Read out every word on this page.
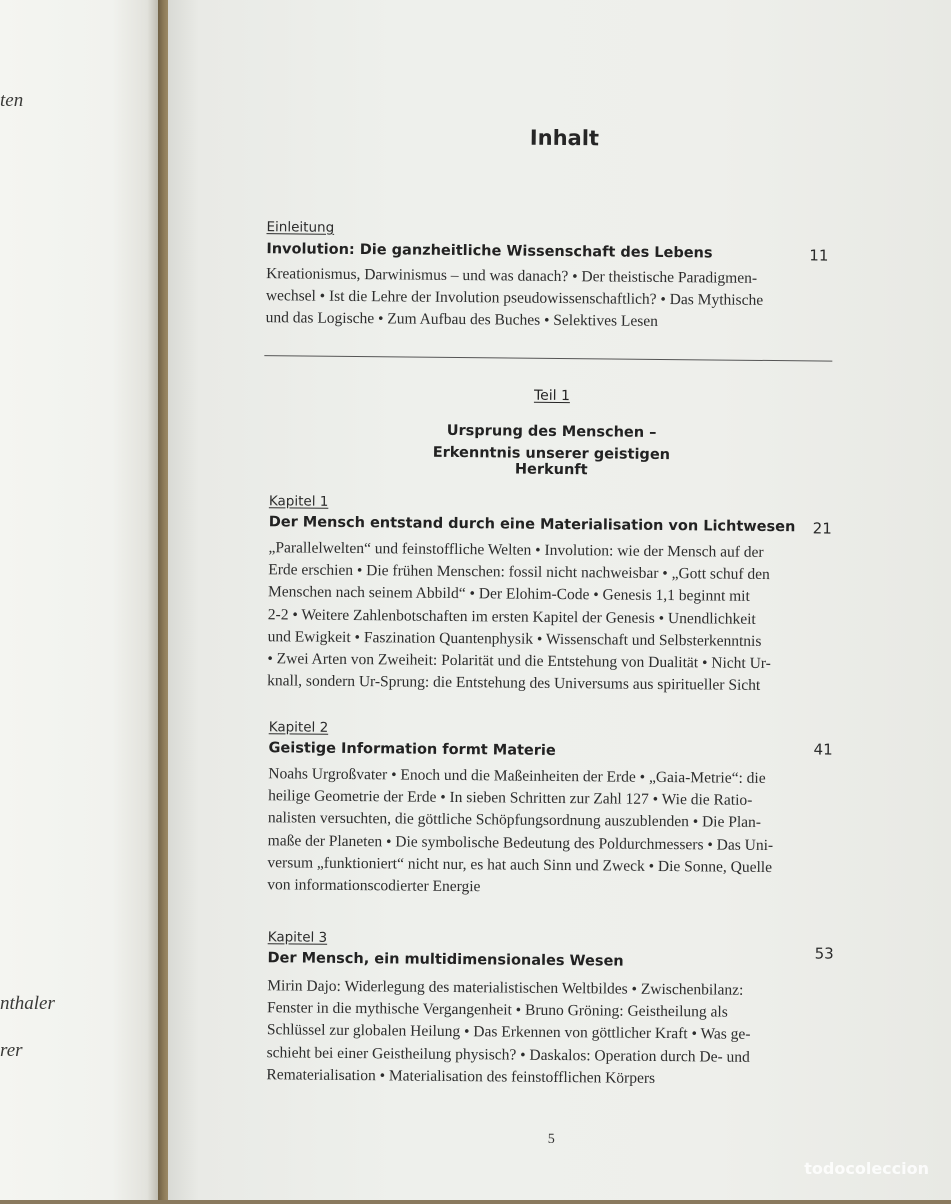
ten
nthaler
rer
Inhalt
Einleitung
Involution: Die ganzheitliche Wissenschaft des Lebens	11
Kreationismus, Darwinismus – und was danach? • Der theistische Paradigmen-
wechsel • Ist die Lehre der Involution pseudowissenschaftlich? • Das Mythische
und das Logische • Zum Aufbau des Buches • Selektives Lesen
Teil 1
Ursprung des Menschen –
Erkenntnis unserer geistigen Herkunft
Kapitel 1
Der Mensch entstand durch eine Materialisation von Lichtwesen 21
„Parallelwelten“ und feinstoffliche Welten • Involution: wie der Mensch auf der
Erde erschien • Die frühen Menschen: fossil nicht nachweisbar • „Gott schuf den
Menschen nach seinem Abbild“ • Der Elohim-Code • Genesis 1,1 beginnt mit
2-2 • Weitere Zahlenbotschaften im ersten Kapitel der Genesis • Unendlichkeit
und Ewigkeit • Faszination Quantenphysik • Wissenschaft und Selbsterkenntnis
• Zwei Arten von Zweiheit: Polarität und die Entstehung von Dualität • Nicht Ur-
knall, sondern Ur-Sprung: die Entstehung des Universums aus spiritueller Sicht
Kapitel 2
Geistige Information formt Materie	41
Noahs Urgroßvater • Enoch und die Maßeinheiten der Erde • „Gaia-Metrie“: die
heilige Geometrie der Erde • In sieben Schritten zur Zahl 127 • Wie die Ratio-
nalisten versuchten, die göttliche Schöpfungsordnung auszublenden • Die Plan-
maße der Planeten • Die symbolische Bedeutung des Poldurchmessers • Das Uni-
versum „funktioniert“ nicht nur, es hat auch Sinn und Zweck • Die Sonne, Quelle
von informationscodierter Energie
Kapitel 3
Der Mensch, ein multidimensionales Wesen	53
Mirin Dajo: Widerlegung des materialistischen Weltbildes • Zwischenbilanz:
Fenster in die mythische Vergangenheit • Bruno Gröning: Geistheilung als
Schlüssel zur globalen Heilung • Das Erkennen von göttlicher Kraft • Was ge-
schieht bei einer Geistheilung physisch? • Daskalos: Operation durch De- und
Rematerialisation • Materialisation des feinstofflichen Körpers
5
todocoleccion
